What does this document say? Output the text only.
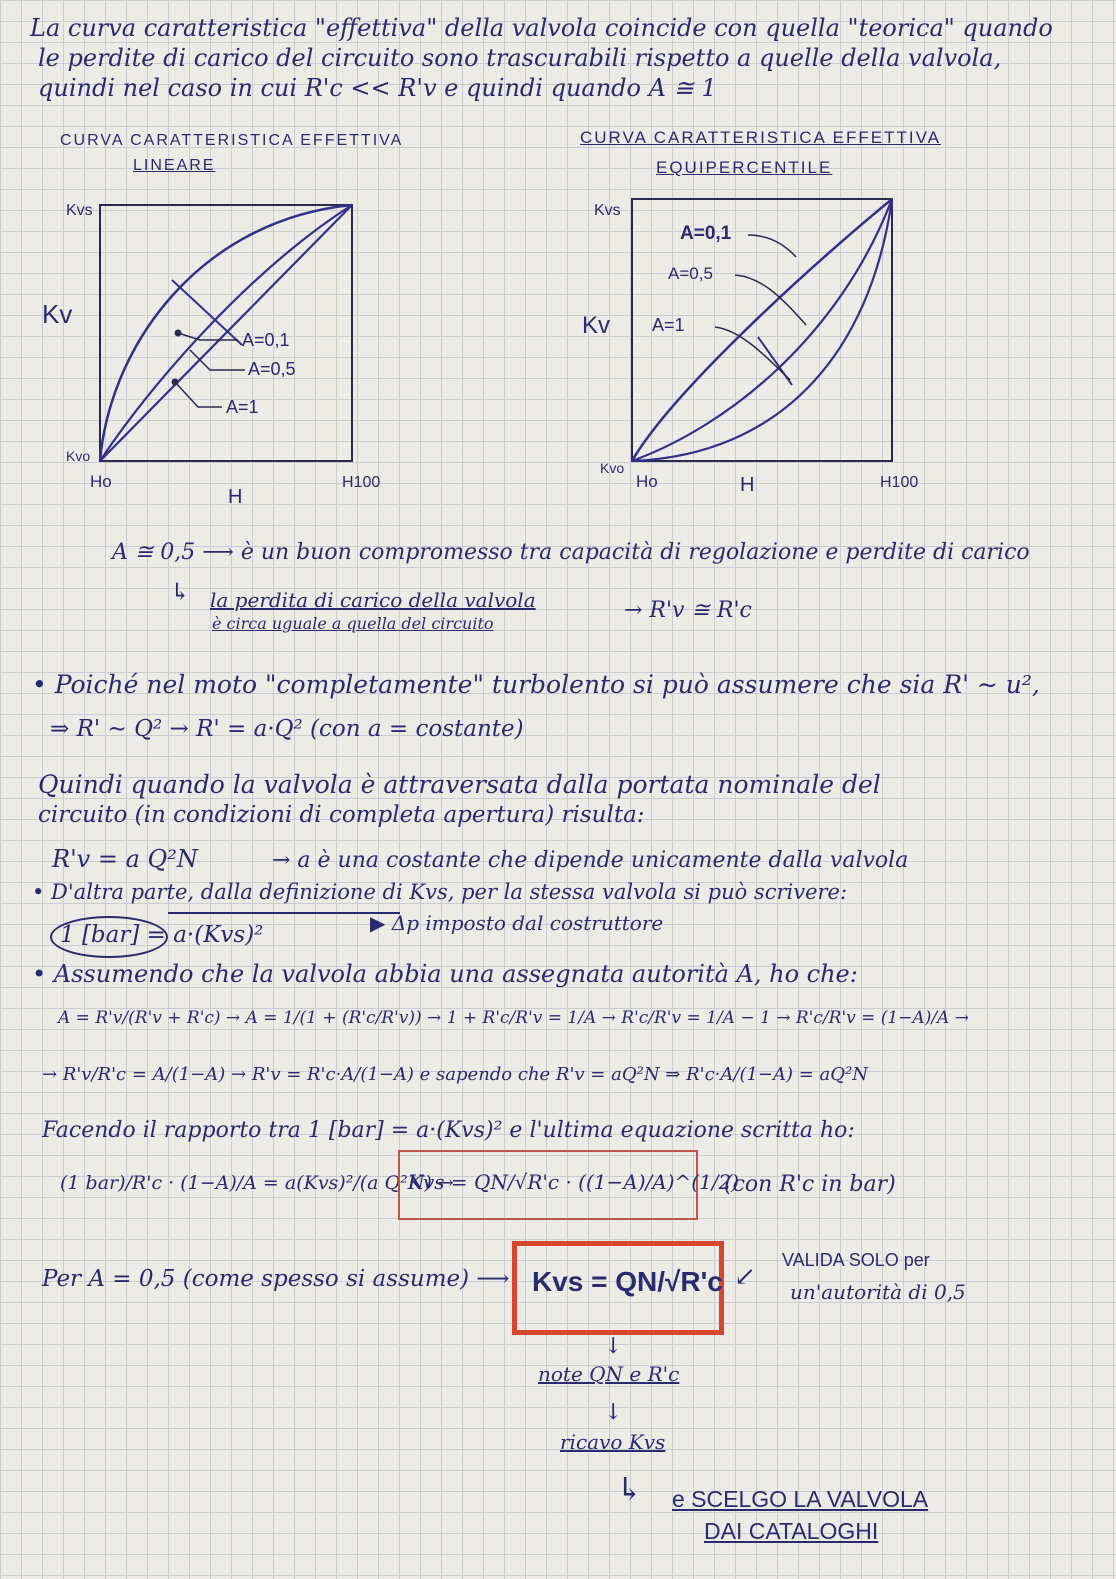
La curva caratteristica "effettiva" della valvola coincide con quella "teorica" quando
le perdite di carico del circuito sono trascurabili rispetto a quelle della valvola,
quindi nel caso in cui R'c << R'v e quindi quando A ≅ 1
CURVA CARATTERISTICA EFFETTIVA
LINEARE
CURVA CARATTERISTICA EFFETTIVA
EQUIPERCENTILE
A=0,1
A=0,5
A=1
Kvs
Kv
Kvo
Ho
H
H100
A=0,1
A=0,5
A=1
Kvs
Kv
Kvo
Ho	H	H100
A ≅ 0,5 ⟶ è un buon compromesso tra capacità di regolazione e perdite di carico
↳ la perdita di carico della valvola
è circa uguale a quella del circuito
→ R'v ≅ R'c
• Poiché nel moto "completamente" turbolento si può assumere che sia R' ∼ u²,
⇒ R' ∼ Q² → R' = a·Q² (con a = costante)
Quindi quando la valvola è attraversata dalla portata nominale del
circuito (in condizioni di completa apertura) risulta:
R'v = a Q²N	→ a è una costante che dipende unicamente dalla valvola
• D'altra parte, dalla definizione di Kvs, per la stessa valvola si può scrivere:
1 [bar] = a·(Kvs)²	▶ Δp imposto dal costruttore
• Assumendo che la valvola abbia una assegnata autorità A, ho che:
A = R'v/(R'v + R'c) → A = 1/(1 + (R'c/R'v)) → 1 + R'c/R'v = 1/A → R'c/R'v = 1/A − 1 → R'c/R'v = (1−A)/A →
→ R'v/R'c = A/(1−A) → R'v = R'c·A/(1−A) e sapendo che R'v = aQ²N ⇒ R'c·A/(1−A) = aQ²N
Facendo il rapporto tra 1 [bar] = a·(Kvs)² e l'ultima equazione scritta ho:
(1 bar)/R'c · (1−A)/A = a(Kvs)²/(a Q²N) →
Kvs = QN/√R'c · ((1−A)/A)^(1/2)
(con R'c in bar)
Per A = 0,5 (come spesso si assume) ⟶ Kvs = QN/√R'c ↙
VALIDA SOLO per
un'autorità di 0,5
↓
note QN e R'c
↓
ricavo Kvs
↳ e SCELGO LA VALVOLA
DAI CATALOGHI
